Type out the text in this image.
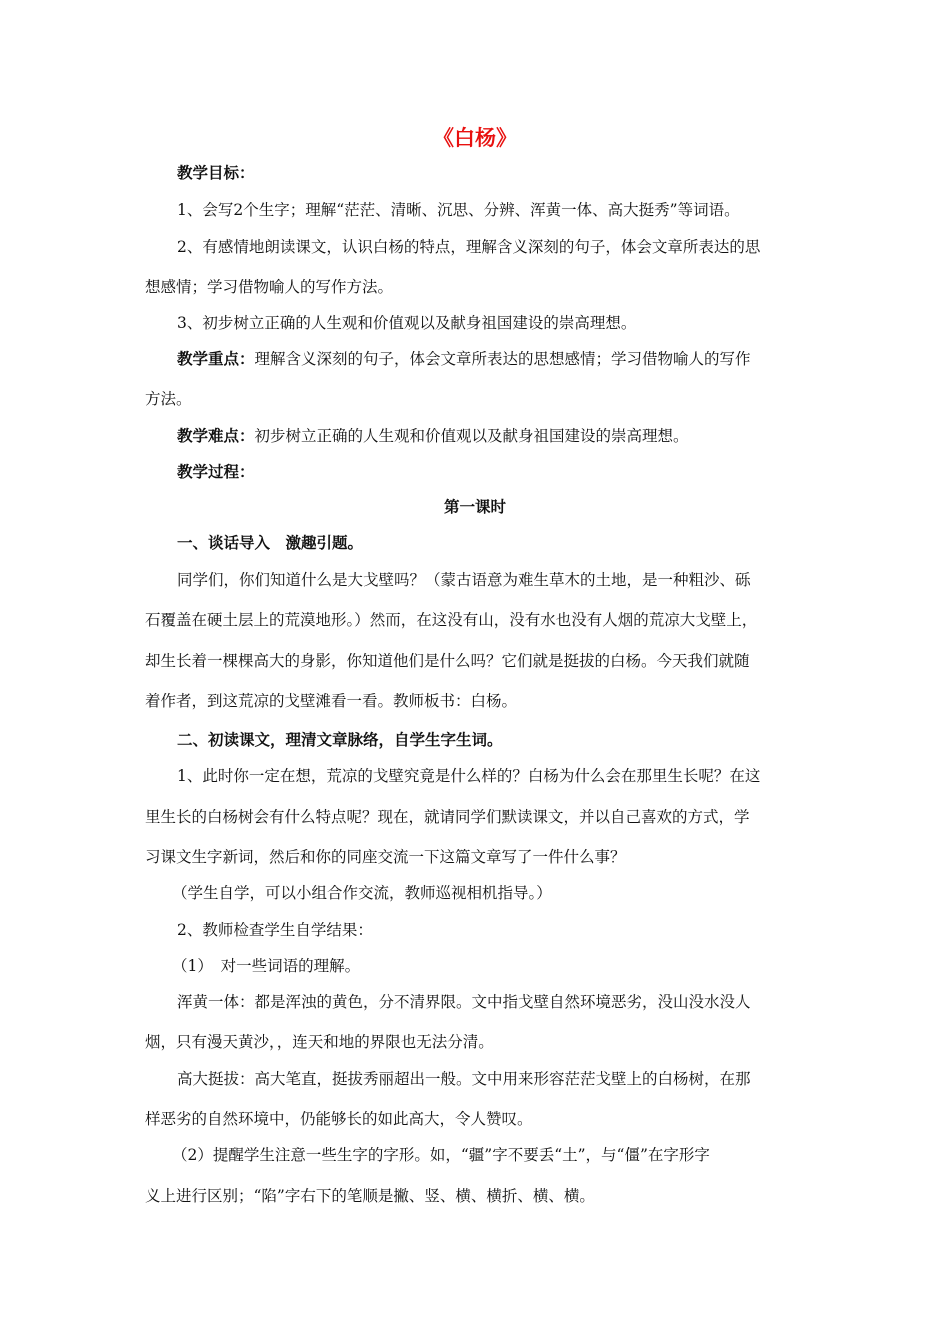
《白杨》
教学目标：
1、会写2个生字；理解“茫茫、清晰、沉思、分辨、浑黄一体、高大挺秀”等词语。
2、有感情地朗读课文，认识白杨的特点，理解含义深刻的句子，体会文章所表达的思
想感情；学习借物喻人的写作方法。
3、初步树立正确的人生观和价值观以及献身祖国建设的崇高理想。
教学重点：理解含义深刻的句子，体会文章所表达的思想感情；学习借物喻人的写作
方法。
教学难点：初步树立正确的人生观和价值观以及献身祖国建设的崇高理想。
教学过程：
第一课时
一、谈话导入　激趣引题。
同学们，你们知道什么是大戈壁吗？（蒙古语意为难生草木的土地，是一种粗沙、砾
石覆盖在硬土层上的荒漠地形。）然而，在这没有山，没有水也没有人烟的荒凉大戈壁上，
却生长着一棵棵高大的身影，你知道他们是什么吗？它们就是挺拔的白杨。今天我们就随
着作者，到这荒凉的戈壁滩看一看。教师板书：白杨。
二、初读课文，理清文章脉络，自学生字生词。
1、此时你一定在想，荒凉的戈壁究竟是什么样的？白杨为什么会在那里生长呢？在这
里生长的白杨树会有什么特点呢？现在，就请同学们默读课文，并以自己喜欢的方式，学
习课文生字新词，然后和你的同座交流一下这篇文章写了一件什么事？
（学生自学，可以小组合作交流，教师巡视相机指导。）
2、教师检查学生自学结果：
（1）　对一些词语的理解。
浑黄一体：都是浑浊的黄色，分不清界限。文中指戈壁自然环境恶劣，没山没水没人
烟，只有漫天黄沙，，连天和地的界限也无法分清。
高大挺拔：高大笔直，挺拔秀丽超出一般。文中用来形容茫茫戈壁上的白杨树，在那
样恶劣的自然环境中，仍能够长的如此高大，令人赞叹。
（2）提醒学生注意一些生字的字形。如，“疆”字不要丢“土”，与“僵”在字形字
义上进行区别；“陷”字右下的笔顺是撇、竖、横、横折、横、横。
